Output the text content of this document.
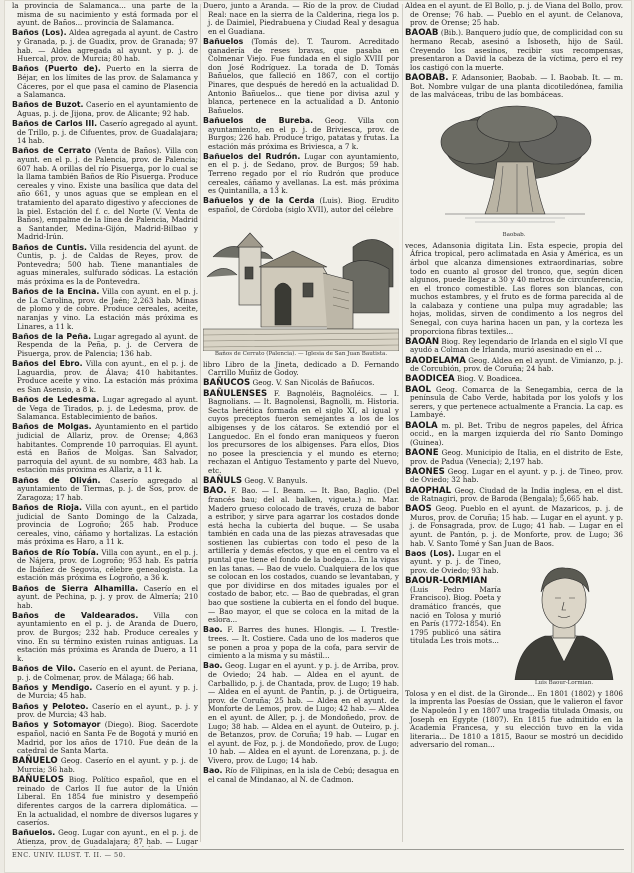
la provincia de Salamanca... una parte de la misma de su nacimiento y está formada por el ayunt. de Baños... provincia de Salamanca.
Baños (Los). Aldea agregada al ayunt. de Castro y Granada, p. j. de Guadix, prov. de Granada; 97 hab. — Aldea agregada al ayunt. y p. j. de Huercal, prov. de Murcia; 80 hab.
Baños (Puerto de). Puerto en la sierra de Béjar, en los límites de las prov. de Salamanca y Cáceres, por el que pasa el camino de Plasencia a Salamanca.
Baños de Buzot. Caserío en el ayuntamiento de Aguas, p. j. de Jijona, prov. de Alicante; 92 hab.
Baños de Carlos III. Caserío agregado al ayunt. de Trillo, p. j. de Cifuentes, prov. de Guadalajara; 14 hab.
Baños de Cerrato (Venta de Baños). Villa con ayunt. en el p. j. de Palencia, prov. de Palencia; 607 hab. A orillas del río Pisuerga, por lo cual se la llama también Baños de Río Pisuerga. Produce cereales y vino. Existe una basílica que data del año 661, y unos aguas que se emplean en el tratamiento del aparato digestivo y afecciones de la piel. Estación del f. c. del Norte (V. Venta de Baños), empalme de la línea de Palencia, Madrid a Santander, Medina-Gijón, Madrid-Bilbao y Madrid-Irún.
Baños de Cuntis. Villa residencia del ayunt. de Cuntis, p. j. de Caldas de Reyes, prov. de Pontevedra; 500 hab. Tiene manantiales de aguas minerales, sulfurado sódicas. La estación más próxima es la de Pontevedra.
Baños de la Encina. Villa con ayunt. en el p. j. de La Carolina, prov. de Jaén; 2,263 hab. Minas de plomo y de cobre. Produce cereales, aceite, naranjas y vino. La estación más próxima es Linares, a 11 k.
Baños de la Peña. Lugar agregado al ayunt. de Respenda de la Peña, p. j. de Cervera de Pisuerga, prov. de Palencia; 136 hab.
Baños del Ebro. Villa con ayunt., en el p. j. de Laguardia, prov. de Álava; 410 habitantes. Produce aceite y vino. La estación más próxima es San Asensio, a 8 k.
Baños de Ledesma. Lugar agregado al ayunt. de Vega de Tirados, p. j. de Ledesma, prov. de Salamanca. Establecimiento de baños.
Baños de Molgas. Ayuntamiento en el partido judicial de Allariz, prov. de Orense; 4,863 habitantes. Comprende 10 parroquias. El ayunt. está en Baños de Molgas. San Salvador, parroquia del ayunt. de su nombre, 483 hab. La estación más próxima es Allariz, a 11 k.
Baños de Oliván. Caserío agregado al ayuntamiento de Tiermas, p. j. de Sos, prov. de Zaragoza; 17 hab.
Baños de Rioja. Villa con ayunt., en el partido judicial de Santo Domingo de la Calzada, provincia de Logroño; 265 hab. Produce cereales, vino, cáñamo y hortalizas. La estación más próxima es Haro, a 11 k.
Baños de Río Tobía. Villa con ayunt., en el p. j. de Nájera, prov. de Logroño; 953 hab. Es patria de Ibáñez de Segovia, célebre genealogista. La estación más próxima es Logroño, a 36 k.
Baños de Sierra Alhamilla. Caserío en el ayunt. de Pechina, p. j. y prov. de Almería; 210 hab.
Baños de Valdearados. Villa con ayuntamiento en el p. j. de Aranda de Duero, prov. de Burgos; 232 hab. Produce cereales y vino. En su término existen ruinas antiguas. La estación más próxima es Aranda de Duero, a 11 k.
Baños de Vilo. Caserío en el ayunt. de Periana, p. j. de Colmenar, prov. de Málaga; 66 hab.
Baños y Mendigo. Caserío en el ayunt. y p. j. de Murcia; 45 hab.
Baños y Peloteo. Caserío en el ayunt., p. j. y prov. de Murcia; 43 hab.
Baños y Sotomayor (Diego). Biog. Sacerdote español, nació en Santa Fe de Bogotá y murió en Madrid, por los años de 1710. Fue deán de la catedral de Santa Marta.
BAÑUELO Geog. Caserío en el ayunt. y p. j. de Murcia; 36 hab.
BAÑUELOS Biog. Político español, que en el reinado de Carlos II fue autor de la Unión Liberal. En 1854 fue ministro y desempeñó diferentes cargos de la carrera diplomática. — En la actualidad, el nombre de diversos lugares y caseríos.
Bañuelos. Geog. Lugar con ayunt., en el p. j. de Atienza, prov. de Guadalajara; 87 hab. — Lugar
Duero, junto a Aranda. — Río de la prov. de Ciudad Real: nace en la sierra de la Calderina, riega los p. j. de Daimiel, Piedrabuena y Ciudad Real y desagua en el Guadiana.
Bañuelos (Tomás de). T. Taurom. Acreditado ganadería de reses bravas, que pasaba en Colmenar Viejo. Fue fundada en el siglo XVIII por don José Rodríguez. La torada de D. Tomás Bañuelos, que falleció en 1867, con el cortijo Pinares, que después de heredó en la actualidad D. Antonio Bañuelos... que tiene por divisa azul y blanca, pertenece en la actualidad a D. Antonio Bañuelos.
Bañuelos de Bureba. Geog. Villa con ayuntamiento, en el p. j. de Briviesca, prov. de Burgos; 226 hab. Produce trigo, patatas y frutas. La estación más próxima es Briviesca, a 7 k.
Bañuelos del Rudrón. Lugar con ayuntamiento, en el p. j. de Sedano, prov. de Burgos; 59 hab. Terreno regado por el río Rudrón que produce cereales, cáñamo y avellanas. La est. más próxima es Quintanilla, a 13 k.
Bañuelos y de la Cerda (Luis). Biog. Erudito español, de Córdoba (siglo XVII), autor del célebre
Baños de Cerrato (Palencia). — Iglesia de San Juan Bautista.
libro Libro de la Jineta, dedicado a D. Fernando Carrillo Muñiz de Godoy.
BAÑUCOS Geog. V. San Nicolás de Bañucos.
BAÑULENSES F. Bagnoléis, Bagnoléics. — I. Bagnolians. — It. Bagnolensi, Bagnolli, m. Historia. Secta herética formada en el siglo XI, al igual y cuyos preceptos fueron semejantes a los de los albigenses y de los cátaros. Se extendió por el Languedoc. En el fondo eran maniqueos y fueron los precursores de los albigenses. Para ellos, Dios no posee la presciencia y el mundo es eterno; rechazan el Antiguo Testamento y parte del Nuevo, etc.
BAÑULS Geog. V. Banyuls.
BAO. F. Bao. — I. Beam. — It. Bao, Baglio. (Del francés bau; del al. balken, vigueta.) m. Mar. Madero grueso colocado de través, cruza de babor a estribor, y sirve para agarrar los costados donde está hecha la cubierta del buque. — Se usaba también en cada una de las piezas atravesadas que sostienen las cubiertas con todo el peso de la artillería y demás efectos, y que en el centro va el puntal que tiene el fondo de la bodega... En la vigas en las tanas. — Bao de vuelo. Cualquiera de los que se colocan en los costados, cuando se levantaban, y que por dividirse en dos mitades iguales por el costado de babor, etc. — Bao de quebradas, el gran bao que sostiene la cubierta en el fondo del buque. — Bao mayor, el que se coloca en la mitad de la eslora...
Bao. F. Barres des hunes. Hlongis. — I. Trestle-trees. — It. Costiere. Cada uno de los maderos que se ponen a proa y popa de la cofa, para servir de cimiento a la misma y su mástil...
Bao. Geog. Lugar en el ayunt. y p. j. de Arriba, prov. de Oviedo; 24 hab. — Aldea en el ayunt. de Carballido, p. j. de Chantada, prov. de Lugo; 19 hab. — Aldea en el ayunt. de Pantín, p. j. de Ortigueira, prov. de Coruña; 25 hab. — Aldea en el ayunt. de Monforte de Lemos, prov. de Lugo; 42 hab. — Aldea en el ayunt. de Aller, p. j. de Mondoñedo, prov. de Lugo; 38 hab. — Aldea en el ayunt. de Outeiro, p. j. de Betanzos, prov. de Coruña; 19 hab. — Lugar en el ayunt. de Foz, p. j. de Mondoñedo, prov. de Lugo; 10 hab. — Aldea en el ayunt. de Lorenzana, p. j. de Vivero, prov. de Lugo; 14 hab.
Bao. Río de Filipinas, en la isla de Cebú; desagua en el canal de Mindanao, al N. de Cadmon.
Aldea en el ayunt. de El Bollo, p. j. de Viana del Bollo, prov. de Orense; 76 hab. — Pueblo en el ayunt. de Celanova, prov. de Orense; 25 hab.
BAOAB (Bib.). Banquero judío que, de complicidad con su hermano Recab, asesinó a Isboseth, hijo de Saúl. Creyendo los asesinos, recibir sus recompensas, presentaron a David la cabeza de la víctima, pero el rey los castigó con la muerte.
BAOBAB. F. Adansonier, Baobab. — I. Baobab. It. — m. Bot. Nombre vulgar de una planta dicotiledónea, familia de las malváceas, tribu de las bombáceas.
Baobab.
veces, Adansonia digitata Lin. Esta especie, propia del África tropical, pero aclimatada en Asia y América, es un árbol que alcanza dimensiones extraordinarias, sobre todo en cuanto al grosor del tronco, que, según dicen algunos, puede llegar a 30 y 40 metros de circunferencia, en el tronco comestible. Las flores son blancas, con muchos estambres, y el fruto es de forma parecida al de la calabaza y contiene una pulpa muy agradable; las hojas, molidas, sirven de condimento a los negros del Senegal, con cuya harina hacen un pan, y la corteza les proporciona fibras textiles...
BAOAN Biog. Rey legendario de Irlanda en el siglo VI que ayudó a Colman de Irlanda, murió asesinado en el ...
BAODELAMA Geog. Aldea en el ayunt. de Vimianzo, p. j. de Corcubión, prov. de Coruña; 24 hab.
BAODICEA Biog. V. Boadicea.
BAOL Geog. Comarca de la Senegambia, cerca de la península de Cabo Verde, habitada por los yolofs y los serers, y que pertenece actualmente a Francia. La cap. es Lambayé.
BAOLA m. pl. Bet. Tribu de negros papeles, del África occid., en la margen izquierda del río Santo Domingo (Guinea).
BAONE Geog. Municipio de Italia, en el distrito de Este, prov. de Padua (Venecia); 2,197 hab.
BAONES Geog. Lugar en el ayunt. y p. j. de Tineo, prov. de Oviedo; 32 hab.
BAOPHAL Geog. Ciudad de la India inglesa, en el dist. de Ratnagiri, prov. de Baroda (Bengala); 5,665 hab.
BAOS Geog. Pueblo en el ayunt. de Mazaricos, p. j. de Muros, prov. de Coruña; 15 hab. — Lugar en el ayunt. y p. j. de Fonsagrada, prov. de Lugo; 41 hab. — Lugar en el ayunt. de Pantón, p. j. de Monforte, prov. de Lugo; 36 hab. V. Santo Tomé y San Juan de Baos.
Baos (Los). Lugar en el ayunt. y p. j. de Tineo, prov. de Oviedo; 93 hab.
BAOUR-LORMIAN (Luis Pedro María Francisco). Biog. Poeta y dramático francés, que nació en Tolosa y murió en París (1772-1854). En 1795 publicó una sátira titulada Les trois mots...
Luis Baour-Lormian.
Tolosa y en el dist. de la Gironde... En 1801 (1802) y 1806 la imprenta las Poesías de Ossian, que le valieron el favor de Napoleón I y en 1807 una tragedia titulada Omasis, ou Joseph en Egypte (1807). En 1815 fue admitido en la Academia Francesa, y su elección tuvo en la vida literaria... De 1810 a 1815, Baour se mostró un decidido adversario del roman...
ENC. UNIV. ILUST. T. II. — 50.
